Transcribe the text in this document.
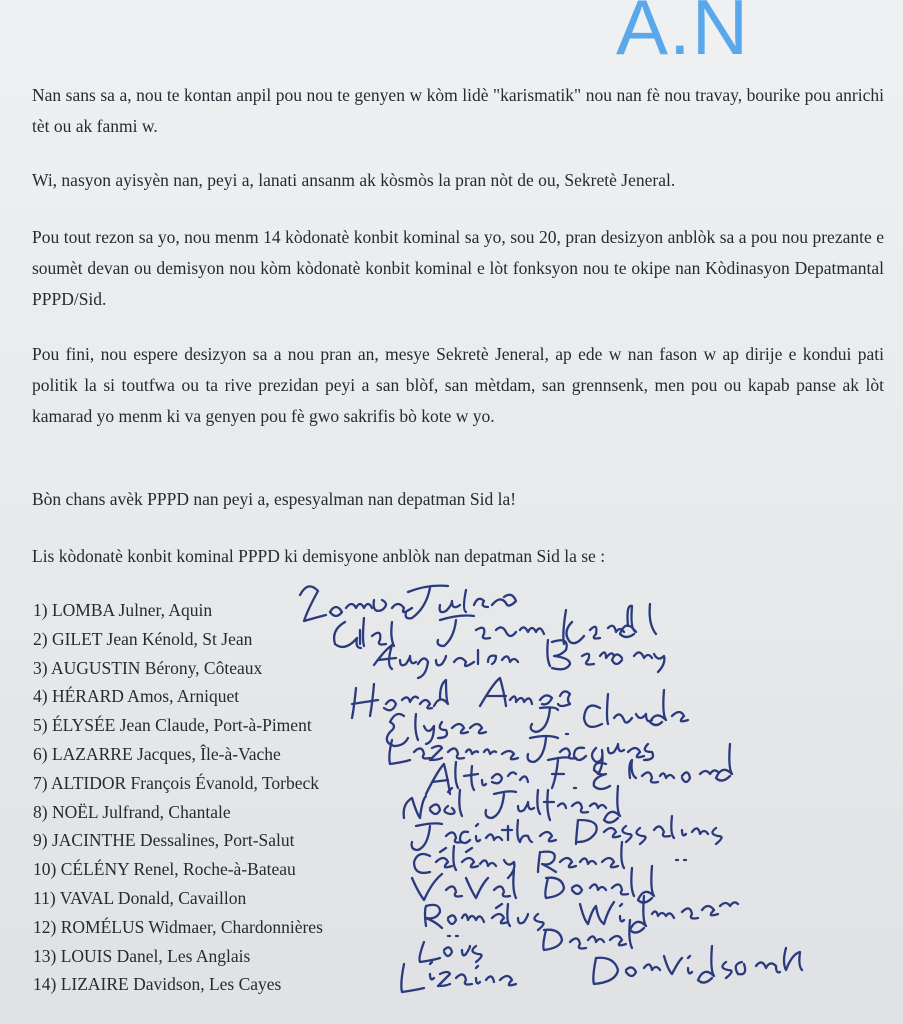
A.N

Nan sans sa a, nou te kontan anpil pou nou te genyen w kòm lidè "karismatik" nou nan fè nou travay, bourike pou anrichi tèt ou ak fanmi w.

Wi, nasyon ayisyèn nan, peyi a, lanati ansanm ak kòsmòs la pran nòt de ou, Sekretè Jeneral.

Pou tout rezon sa yo, nou menm 14 kòdonatè konbit kominal sa yo, sou 20, pran desizyon anblòk sa a pou nou prezante e soumèt devan ou demisyon nou kòm kòdonatè konbit kominal e lòt fonksyon nou te okipe nan Kòdinasyon Depatmantal PPPD/Sid.

Pou fini, nou espere desizyon sa a nou pran an, mesye Sekretè Jeneral, ap ede w nan fason w ap dirije e kondui pati politik la si toutfwa ou ta rive prezidan peyi a san blòf, san mètdam, san grennsenk, men pou ou kapab panse ak lòt kamarad yo menm ki va genyen pou fè gwo sakrifis bò kote w yo.

Bòn chans avèk PPPD nan peyi a, espesyalman nan depatman Sid la!

Lis kòdonatè konbit kominal PPPD ki demisyone anblòk nan depatman Sid la se :

1) LOMBA Julner, Aquin
2) GILET Jean Kénold, St Jean
3) AUGUSTIN Bérony, Côteaux
4) HÉRARD Amos, Arniquet
5) ÉLYSÉE Jean Claude, Port-à-Piment
6) LAZARRE Jacques, Île-à-Vache
7) ALTIDOR François Évanold, Torbeck
8) NOËL Julfrand, Chantale
9) JACINTHE Dessalines, Port-Salut
10) CÉLÉNY Renel, Roche-à-Bateau
11) VAVAL Donald, Cavaillon
12) ROMÉLUS Widmaer, Chardonnières
13) LOUIS Danel, Les Anglais
14) LIZAIRE Davidson, Les Cayes
